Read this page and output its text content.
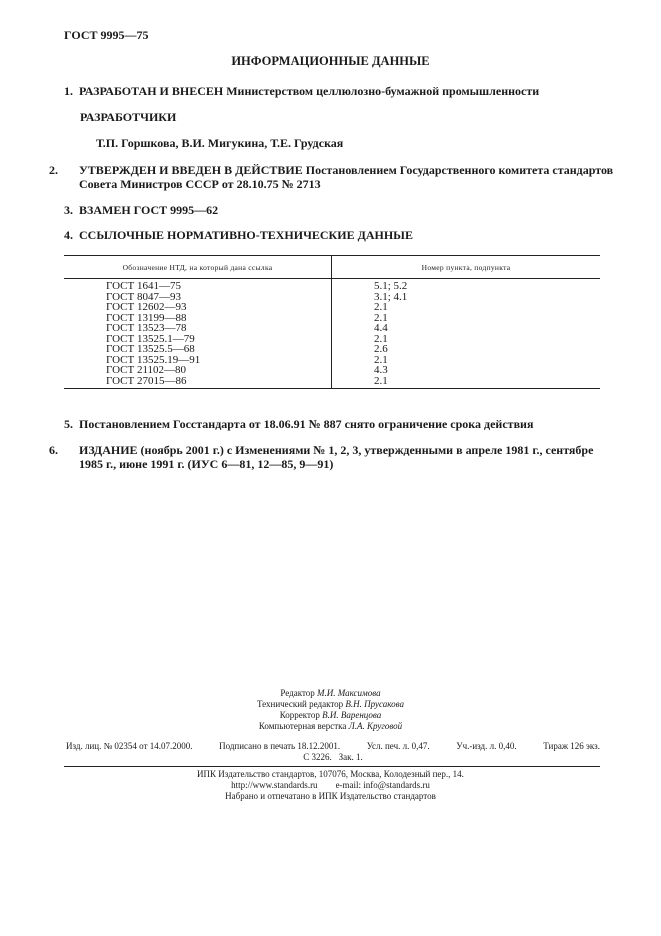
ГОСТ 9995—75
ИНФОРМАЦИОННЫЕ ДАННЫЕ
1. РАЗРАБОТАН И ВНЕСЕН Министерством целлюлозно-бумажной промышленности
РАЗРАБОТЧИКИ
Т.П. Горшкова, В.И. Мигукина, Т.Е. Грудская
2. УТВЕРЖДЕН И ВВЕДЕН В ДЕЙСТВИЕ Постановлением Государственного комитета стандартов
Совета Министров СССР от 28.10.75 № 2713
3. ВЗАМЕН ГОСТ 9995—62
4. ССЫЛОЧНЫЕ НОРМАТИВНО-ТЕХНИЧЕСКИЕ ДАННЫЕ
Обозначение НТД, на который дана ссылка	Номер пункта, подпункта
ГОСТ 1641—75	5.1; 5.2
ГОСТ 8047—93	3.1; 4.1
ГОСТ 12602—93	2.1
ГОСТ 13199—88	2.1
ГОСТ 13523—78	4.4
ГОСТ 13525.1—79	2.1
ГОСТ 13525.5—68	2.6
ГОСТ 13525.19—91	2.1
ГОСТ 21102—80	4.3
ГОСТ 27015—86	2.1
5. Постановлением Госстандарта от 18.06.91 № 887 снято ограничение срока действия
6. ИЗДАНИЕ (ноябрь 2001 г.) с Изменениями № 1, 2, 3, утвержденными в апреле 1981 г., сентябре
1985 г., июне 1991 г. (ИУС 6—81, 12—85, 9—91)
Редактор М.И. Максимова
Технический редактор В.Н. Прусакова
Корректор В.И. Варенцова
Компьютерная верстка Л.А. Круговой
Изд. лиц. № 02354 от 14.07.2000.	Подписано в печать 18.12.2001.	Усл. печ. л. 0,47.	Уч.-изд. л. 0,40.	Тираж 126 экз.
С 3226. Зак. 1.
ИПК Издательство стандартов, 107076, Москва, Колодезный пер., 14.
http://www.standards.ru e-mail: info@standards.ru
Набрано и отпечатано в ИПК Издательство стандартов
